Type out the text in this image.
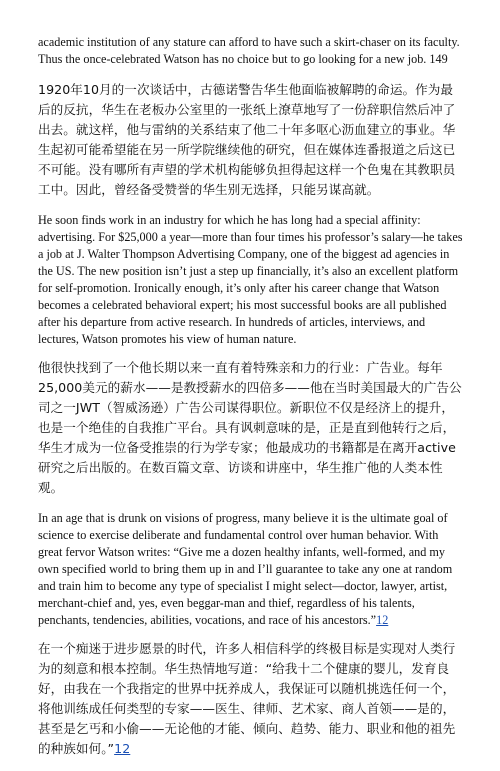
academic institution of any stature can afford to have such a skirt-chaser on its faculty. Thus the once-celebrated Watson has no choice but to go looking for a new job. 149

1920年10月的一次谈话中，古德诺警告华生他面临被解聘的命运。作为最后的反抗，华生在老板办公室里的一张纸上潦草地写了一份辞职信然后冲了出去。就这样，他与雷纳的关系结束了他二十年多呕心沥血建立的事业。华生起初可能希望能在另一所学院继续他的研究，但在媒体连番报道之后这已不可能。没有哪所有声望的学术机构能够负担得起这样一个色鬼在其教职员工中。因此，曾经备受赞誉的华生别无选择，只能另谋高就。

He soon finds work in an industry for which he has long had a special affinity: advertising. For $25,000 a year—more than four times his professor’s salary—he takes a job at J. Walter Thompson Advertising Company, one of the biggest ad agencies in the US. The new position isn’t just a step up financially, it’s also an excellent platform for self-promotion. Ironically enough, it’s only after his career change that Watson becomes a celebrated behavioral expert; his most successful books are all published after his departure from active research. In hundreds of articles, interviews, and lectures, Watson promotes his view of human nature.

他很快找到了一个他长期以来一直有着特殊亲和力的行业：广告业。每年25,000美元的薪水——是教授薪水的四倍多——他在当时美国最大的广告公司之一JWT（智威汤逊）广告公司谋得职位。新职位不仅是经济上的提升，也是一个绝佳的自我推广平台。具有讽刺意味的是，正是直到他转行之后，华生才成为一位备受推崇的行为学专家；他最成功的书籍都是在离开active研究之后出版的。在数百篇文章、访谈和讲座中，华生推广他的人类本性观。

In an age that is drunk on visions of progress, many believe it is the ultimate goal of science to exercise deliberate and fundamental control over human behavior. With great fervor Watson writes: “Give me a dozen healthy infants, well-formed, and my own specified world to bring them up in and I’ll guarantee to take any one at random and train him to become any type of specialist I might select—doctor, lawyer, artist, merchant-chief and, yes, even beggar-man and thief, regardless of his talents, penchants, tendencies, abilities, vocations, and race of his ancestors.”12

在一个痴迷于进步愿景的时代，许多人相信科学的终极目标是实现对人类行为的刻意和根本控制。华生热情地写道：“给我十二个健康的婴儿，发育良好，由我在一个我指定的世界中抚养成人，我保证可以随机挑选任何一个，将他训练成任何类型的专家——医生、律师、艺术家、商人首领——是的，甚至是乞丐和小偷——无论他的才能、倾向、趋势、能力、职业和他的祖先的种族如何。”12
